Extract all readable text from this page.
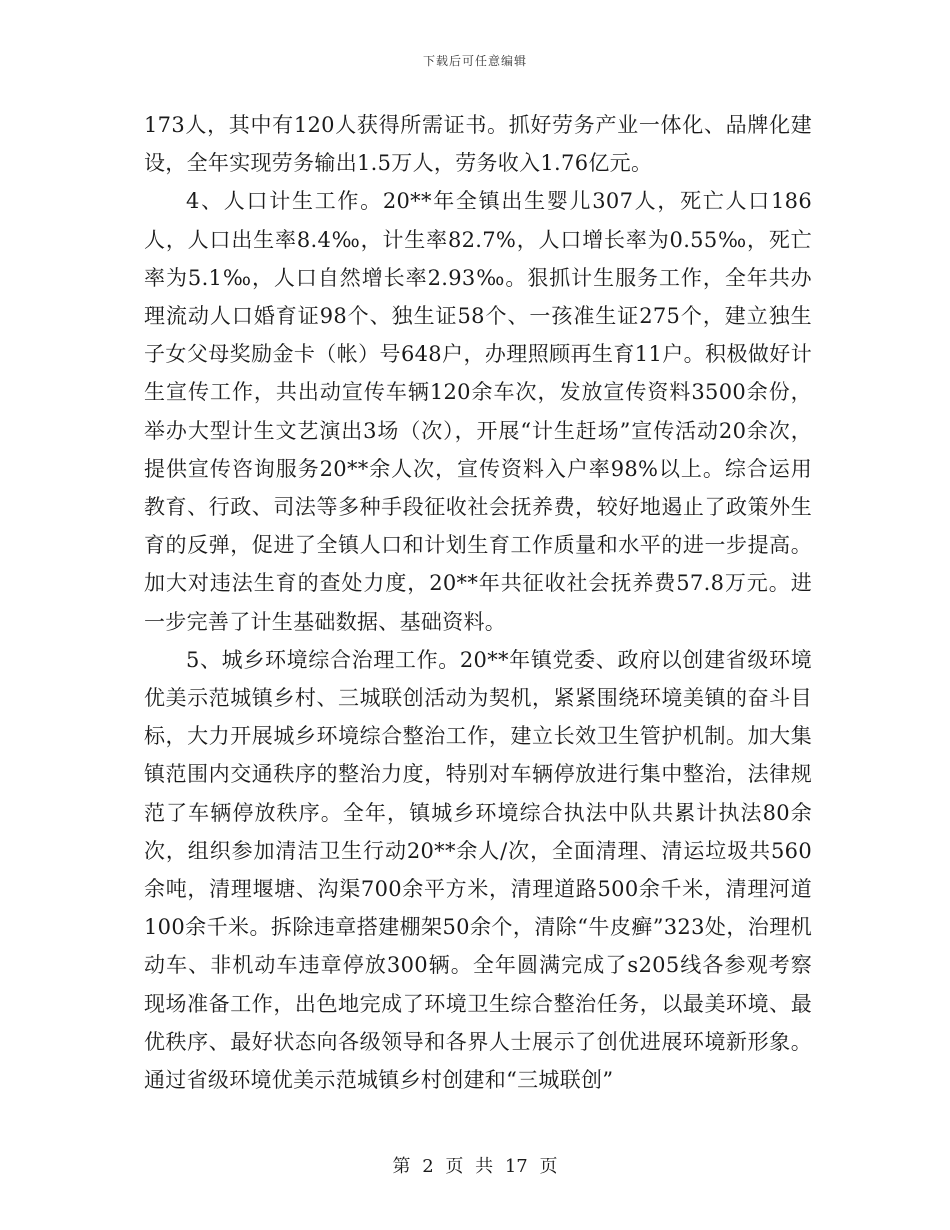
下载后可任意编辑

173人，其中有120人获得所需证书。抓好劳务产业一体化、品牌化建设，全年实现劳务输出1.5万人，劳务收入1.76亿元。

4、人口计生工作。20**年全镇出生婴儿307人，死亡人口186人，人口出生率8.4‰，计生率82.7%，人口增长率为0.55‰，死亡率为5.1‰，人口自然增长率2.93‰。狠抓计生服务工作，全年共办理流动人口婚育证98个、独生证58个、一孩准生证275个，建立独生子女父母奖励金卡（帐）号648户，办理照顾再生育11户。积极做好计生宣传工作，共出动宣传车辆120余车次，发放宣传资料3500余份，举办大型计生文艺演出3场（次），开展“计生赶场”宣传活动20余次，提供宣传咨询服务20**余人次，宣传资料入户率98%以上。综合运用教育、行政、司法等多种手段征收社会抚养费，较好地遏止了政策外生育的反弹，促进了全镇人口和计划生育工作质量和水平的进一步提高。加大对违法生育的查处力度，20**年共征收社会抚养费57.8万元。进一步完善了计生基础数据、基础资料。

5、城乡环境综合治理工作。20**年镇党委、政府以创建省级环境优美示范城镇乡村、三城联创活动为契机，紧紧围绕环境美镇的奋斗目标，大力开展城乡环境综合整治工作，建立长效卫生管护机制。加大集镇范围内交通秩序的整治力度，特别对车辆停放进行集中整治，法律规范了车辆停放秩序。全年，镇城乡环境综合执法中队共累计执法80余次，组织参加清洁卫生行动20**余人/次，全面清理、清运垃圾共560余吨，清理堰塘、沟渠700余平方米，清理道路500余千米，清理河道100余千米。拆除违章搭建棚架50余个，清除“牛皮癣”323处，治理机动车、非机动车违章停放300辆。全年圆满完成了s205线各参观考察现场准备工作，出色地完成了环境卫生综合整治任务，以最美环境、最优秩序、最好状态向各级领导和各界人士展示了创优进展环境新形象。通过省级环境优美示范城镇乡村创建和“三城联创”

第 2 页 共 17 页
